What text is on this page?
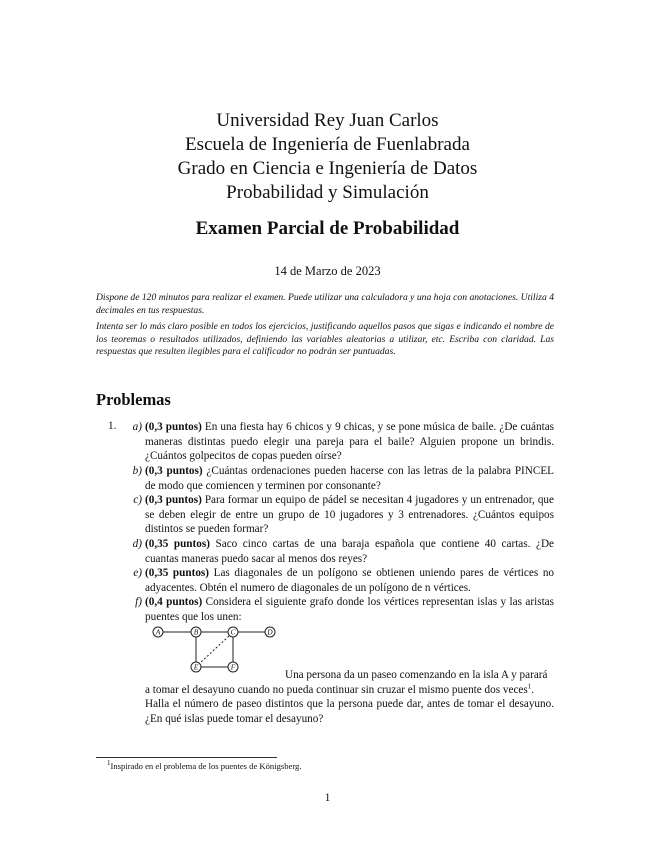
Universidad Rey Juan Carlos
Escuela de Ingeniería de Fuenlabrada
Grado en Ciencia e Ingeniería de Datos
Probabilidad y Simulación
Examen Parcial de Probabilidad
14 de Marzo de 2023
Dispone de 120 minutos para realizar el examen. Puede utilizar una calculadora y una hoja con anotaciones. Utiliza 4 decimales en tus respuestas.
Intenta ser lo más claro posible en todos los ejercicios, justificando aquellos pasos que sigas e indicando el nombre de los teoremas o resultados utilizados, definiendo las variables aleatorias a utilizar, etc. Escriba con claridad. Las respuestas que resulten ilegibles para el calificador no podrán ser puntuadas.
Problemas
1.	a) (0,3 puntos) En una fiesta hay 6 chicos y 9 chicas, y se pone música de baile. ¿De cuántas maneras distintas puedo elegir una pareja para el baile? Alguien propone un brindis. ¿Cuántos golpecitos de copas pueden oírse?
b) (0,3 puntos) ¿Cuántas ordenaciones pueden hacerse con las letras de la palabra PINCEL de modo que comiencen y terminen por consonante?
c) (0,3 puntos) Para formar un equipo de pádel se necesitan 4 jugadores y un entrenador, que se deben elegir de entre un grupo de 10 jugadores y 3 entrenadores. ¿Cuántos equipos distintos se pueden formar?
d) (0,35 puntos) Saco cinco cartas de una baraja española que contiene 40 cartas. ¿De cuantas maneras puedo sacar al menos dos reyes?
e) (0,35 puntos) Las diagonales de un polígono se obtienen uniendo pares de vértices no adyacentes. Obtén el numero de diagonales de un polígono de n vértices.
f) (0,4 puntos) Considera el siguiente grafo donde los vértices representan islas y las aristas puentes que los unen:
A	B	C	D
E	F
Una persona da un paseo comenzando en la isla A y parará
a tomar el desayuno cuando no pueda continuar sin cruzar el mismo puente dos veces$^1$.
Halla el número de paseo distintos que la persona puede dar, antes de tomar el desayuno. ¿En qué islas puede tomar el desayuno?
$^1$Inspirado en el problema de los puentes de Königsberg.
1
